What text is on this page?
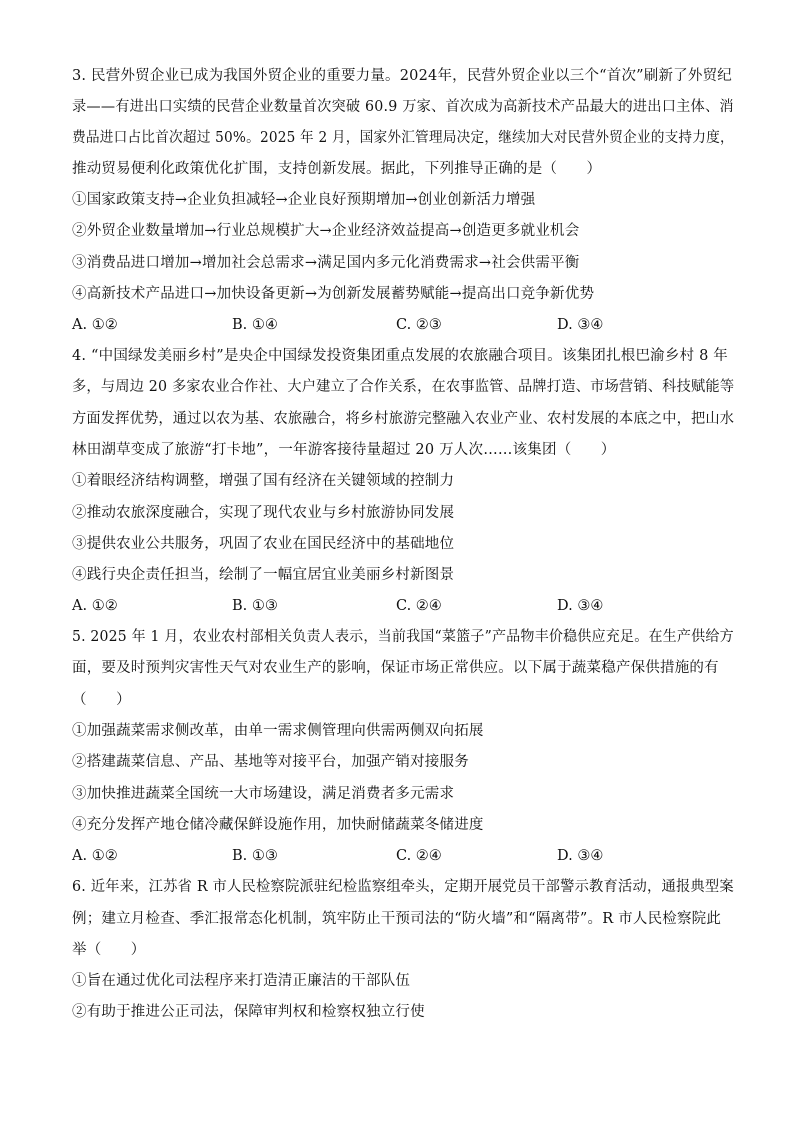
3. 民营外贸企业已成为我国外贸企业的重要力量。2024年，民营外贸企业以三个“首次”刷新了外贸纪
录——有进出口实绩的民营企业数量首次突破 60.9 万家、首次成为高新技术产品最大的进出口主体、消
费品进口占比首次超过 50%。2025 年 2 月，国家外汇管理局决定，继续加大对民营外贸企业的支持力度，
推动贸易便利化政策优化扩围，支持创新发展。据此，下列推导正确的是（　　）
①国家政策支持→企业负担减轻→企业良好预期增加→创业创新活力增强
②外贸企业数量增加→行业总规模扩大→企业经济效益提高→创造更多就业机会
③消费品进口增加→增加社会总需求→满足国内多元化消费需求→社会供需平衡
④高新技术产品进口→加快设备更新→为创新发展蓄势赋能→提高出口竞争新优势
A. ①②	B. ①④	C. ②③	D. ③④
4. “中国绿发美丽乡村”是央企中国绿发投资集团重点发展的农旅融合项目。该集团扎根巴渝乡村 8 年
多，与周边 20 多家农业合作社、大户建立了合作关系，在农事监管、品牌打造、市场营销、科技赋能等
方面发挥优势，通过以农为基、农旅融合，将乡村旅游完整融入农业产业、农村发展的本底之中，把山水
林田湖草变成了旅游“打卡地”，一年游客接待量超过 20 万人次……该集团（　　）
①着眼经济结构调整，增强了国有经济在关键领域的控制力
②推动农旅深度融合，实现了现代农业与乡村旅游协同发展
③提供农业公共服务，巩固了农业在国民经济中的基础地位
④践行央企责任担当，绘制了一幅宜居宜业美丽乡村新图景
A. ①②	B. ①③	C. ②④	D. ③④
5. 2025 年 1 月，农业农村部相关负责人表示，当前我国“菜篮子”产品物丰价稳供应充足。在生产供给方
面，要及时预判灾害性天气对农业生产的影响，保证市场正常供应。以下属于蔬菜稳产保供措施的有
（　　）
①加强蔬菜需求侧改革，由单一需求侧管理向供需两侧双向拓展
②搭建蔬菜信息、产品、基地等对接平台，加强产销对接服务
③加快推进蔬菜全国统一大市场建设，满足消费者多元需求
④充分发挥产地仓储冷藏保鲜设施作用，加快耐储蔬菜冬储进度
A. ①②	B. ①③	C. ②④	D. ③④
6. 近年来，江苏省 R 市人民检察院派驻纪检监察组牵头，定期开展党员干部警示教育活动，通报典型案
例；建立月检查、季汇报常态化机制，筑牢防止干预司法的“防火墙”和“隔离带”。R 市人民检察院此
举（　　）
①旨在通过优化司法程序来打造清正廉洁的干部队伍
②有助于推进公正司法，保障审判权和检察权独立行使
